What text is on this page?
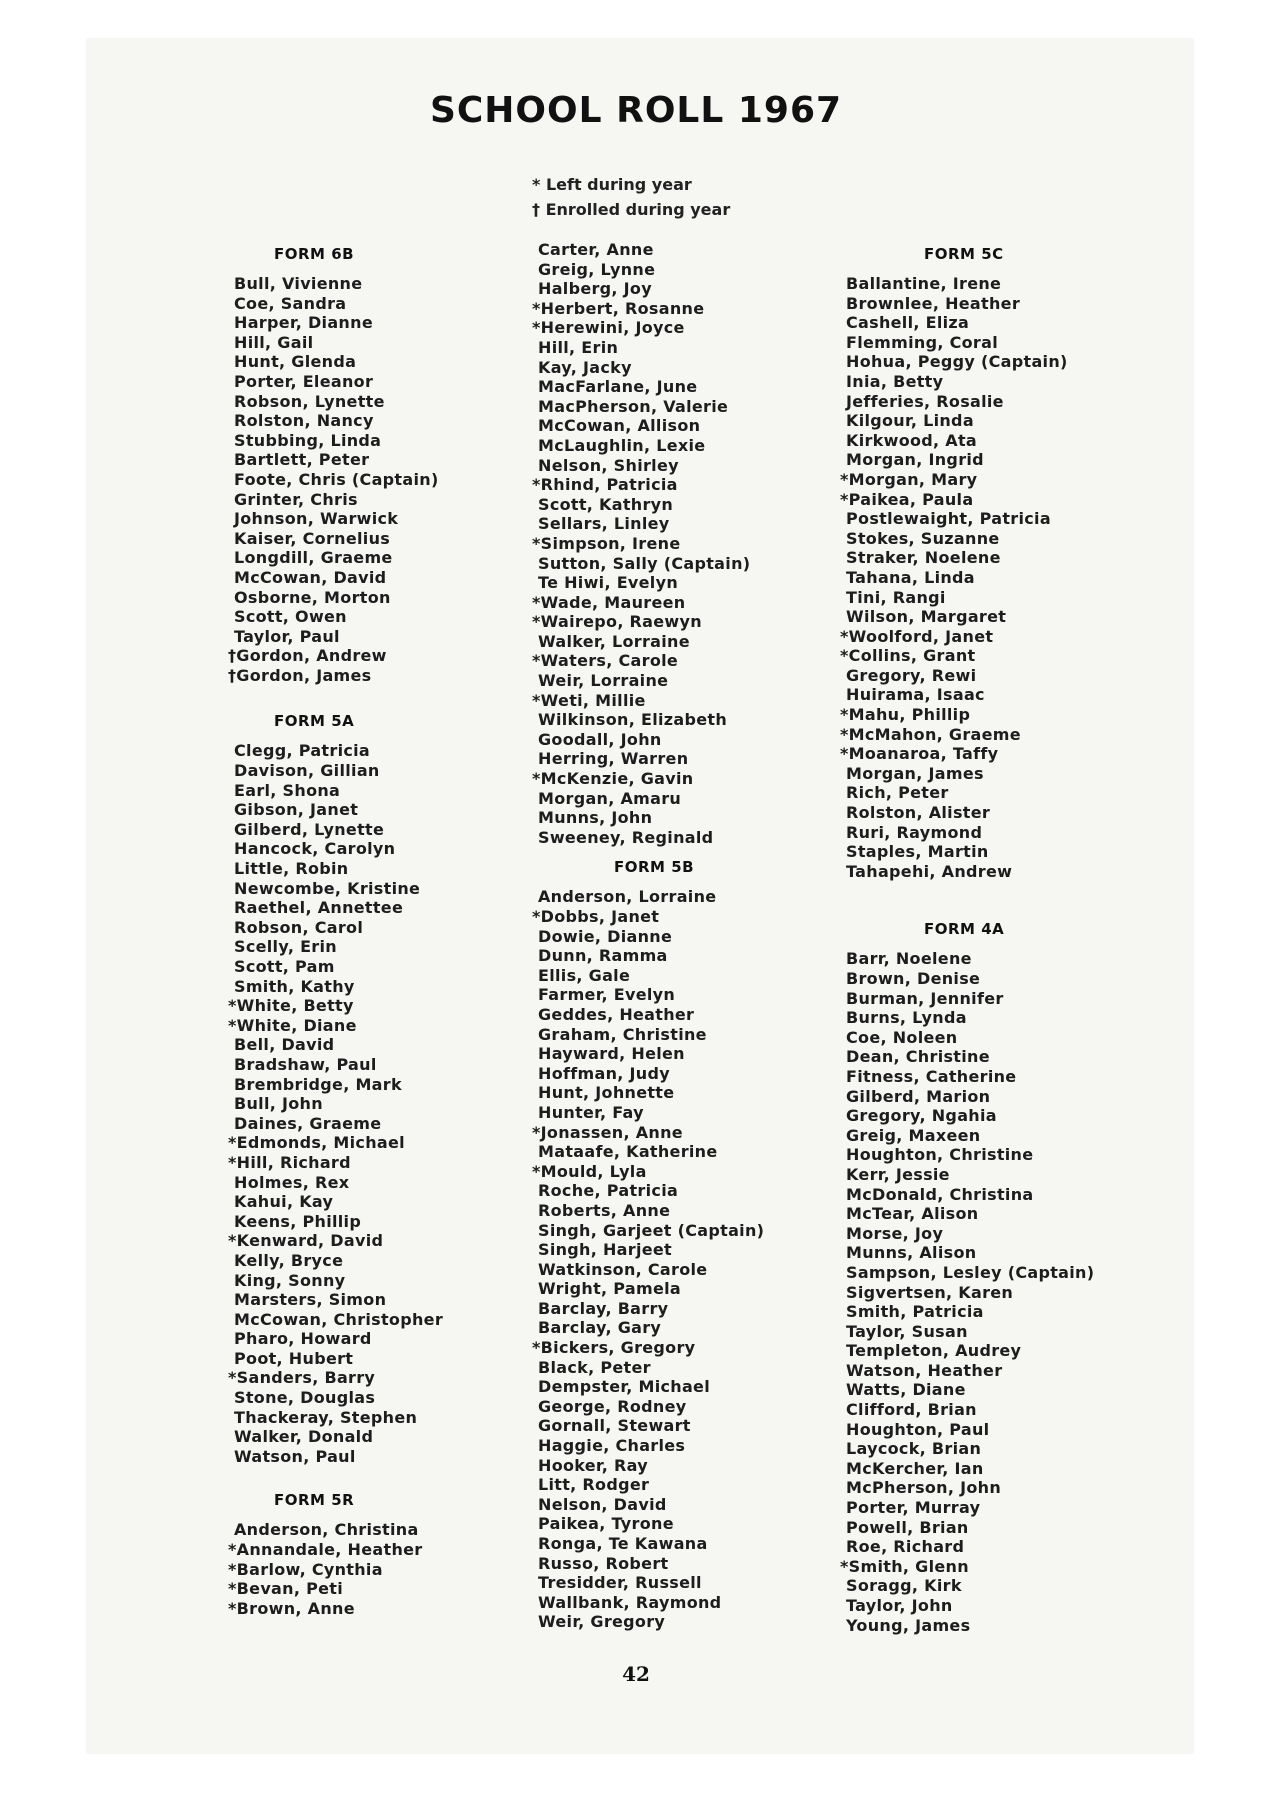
SCHOOL ROLL 1967
* Left during year
† Enrolled during year
FORM 6B
Bull, Vivienne
Coe, Sandra
Harper, Dianne
Hill, Gail
Hunt, Glenda
Porter, Eleanor
Robson, Lynette
Rolston, Nancy
Stubbing, Linda
Bartlett, Peter
Foote, Chris (Captain)
Grinter, Chris
Johnson, Warwick
Kaiser, Cornelius
Longdill, Graeme
McCowan, David
Osborne, Morton
Scott, Owen
Taylor, Paul
†Gordon, Andrew
†Gordon, James
FORM 5A
Clegg, Patricia
Davison, Gillian
Earl, Shona
Gibson, Janet
Gilberd, Lynette
Hancock, Carolyn
Little, Robin
Newcombe, Kristine
Raethel, Annettee
Robson, Carol
Scelly, Erin
Scott, Pam
Smith, Kathy
*White, Betty
*White, Diane
Bell, David
Bradshaw, Paul
Brembridge, Mark
Bull, John
Daines, Graeme
*Edmonds, Michael
*Hill, Richard
Holmes, Rex
Kahui, Kay
Keens, Phillip
*Kenward, David
Kelly, Bryce
King, Sonny
Marsters, Simon
McCowan, Christopher
Pharo, Howard
Poot, Hubert
*Sanders, Barry
Stone, Douglas
Thackeray, Stephen
Walker, Donald
Watson, Paul
FORM 5R
Anderson, Christina
*Annandale, Heather
*Barlow, Cynthia
*Bevan, Peti
*Brown, Anne
Carter, Anne
Greig, Lynne
Halberg, Joy
*Herbert, Rosanne
*Herewini, Joyce
Hill, Erin
Kay, Jacky
MacFarlane, June
MacPherson, Valerie
McCowan, Allison
McLaughlin, Lexie
Nelson, Shirley
*Rhind, Patricia
Scott, Kathryn
Sellars, Linley
*Simpson, Irene
Sutton, Sally (Captain)
Te Hiwi, Evelyn
*Wade, Maureen
*Wairepo, Raewyn
Walker, Lorraine
*Waters, Carole
Weir, Lorraine
*Weti, Millie
Wilkinson, Elizabeth
Goodall, John
Herring, Warren
*McKenzie, Gavin
Morgan, Amaru
Munns, John
Sweeney, Reginald
FORM 5B
Anderson, Lorraine
*Dobbs, Janet
Dowie, Dianne
Dunn, Ramma
Ellis, Gale
Farmer, Evelyn
Geddes, Heather
Graham, Christine
Hayward, Helen
Hoffman, Judy
Hunt, Johnette
Hunter, Fay
*Jonassen, Anne
Mataafe, Katherine
*Mould, Lyla
Roche, Patricia
Roberts, Anne
Singh, Garjeet (Captain)
Singh, Harjeet
Watkinson, Carole
Wright, Pamela
Barclay, Barry
Barclay, Gary
*Bickers, Gregory
Black, Peter
Dempster, Michael
George, Rodney
Gornall, Stewart
Haggie, Charles
Hooker, Ray
Litt, Rodger
Nelson, David
Paikea, Tyrone
Ronga, Te Kawana
Russo, Robert
Tresidder, Russell
Wallbank, Raymond
Weir, Gregory
FORM 5C
Ballantine, Irene
Brownlee, Heather
Cashell, Eliza
Flemming, Coral
Hohua, Peggy (Captain)
Inia, Betty
Jefferies, Rosalie
Kilgour, Linda
Kirkwood, Ata
Morgan, Ingrid
*Morgan, Mary
*Paikea, Paula
Postlewaight, Patricia
Stokes, Suzanne
Straker, Noelene
Tahana, Linda
Tini, Rangi
Wilson, Margaret
*Woolford, Janet
*Collins, Grant
Gregory, Rewi
Huirama, Isaac
*Mahu, Phillip
*McMahon, Graeme
*Moanaroa, Taffy
Morgan, James
Rich, Peter
Rolston, Alister
Ruri, Raymond
Staples, Martin
Tahapehi, Andrew
FORM 4A
Barr, Noelene
Brown, Denise
Burman, Jennifer
Burns, Lynda
Coe, Noleen
Dean, Christine
Fitness, Catherine
Gilberd, Marion
Gregory, Ngahia
Greig, Maxeen
Houghton, Christine
Kerr, Jessie
McDonald, Christina
McTear, Alison
Morse, Joy
Munns, Alison
Sampson, Lesley (Captain)
Sigvertsen, Karen
Smith, Patricia
Taylor, Susan
Templeton, Audrey
Watson, Heather
Watts, Diane
Clifford, Brian
Houghton, Paul
Laycock, Brian
McKercher, Ian
McPherson, John
Porter, Murray
Powell, Brian
Roe, Richard
*Smith, Glenn
Soragg, Kirk
Taylor, John
Young, James
42
